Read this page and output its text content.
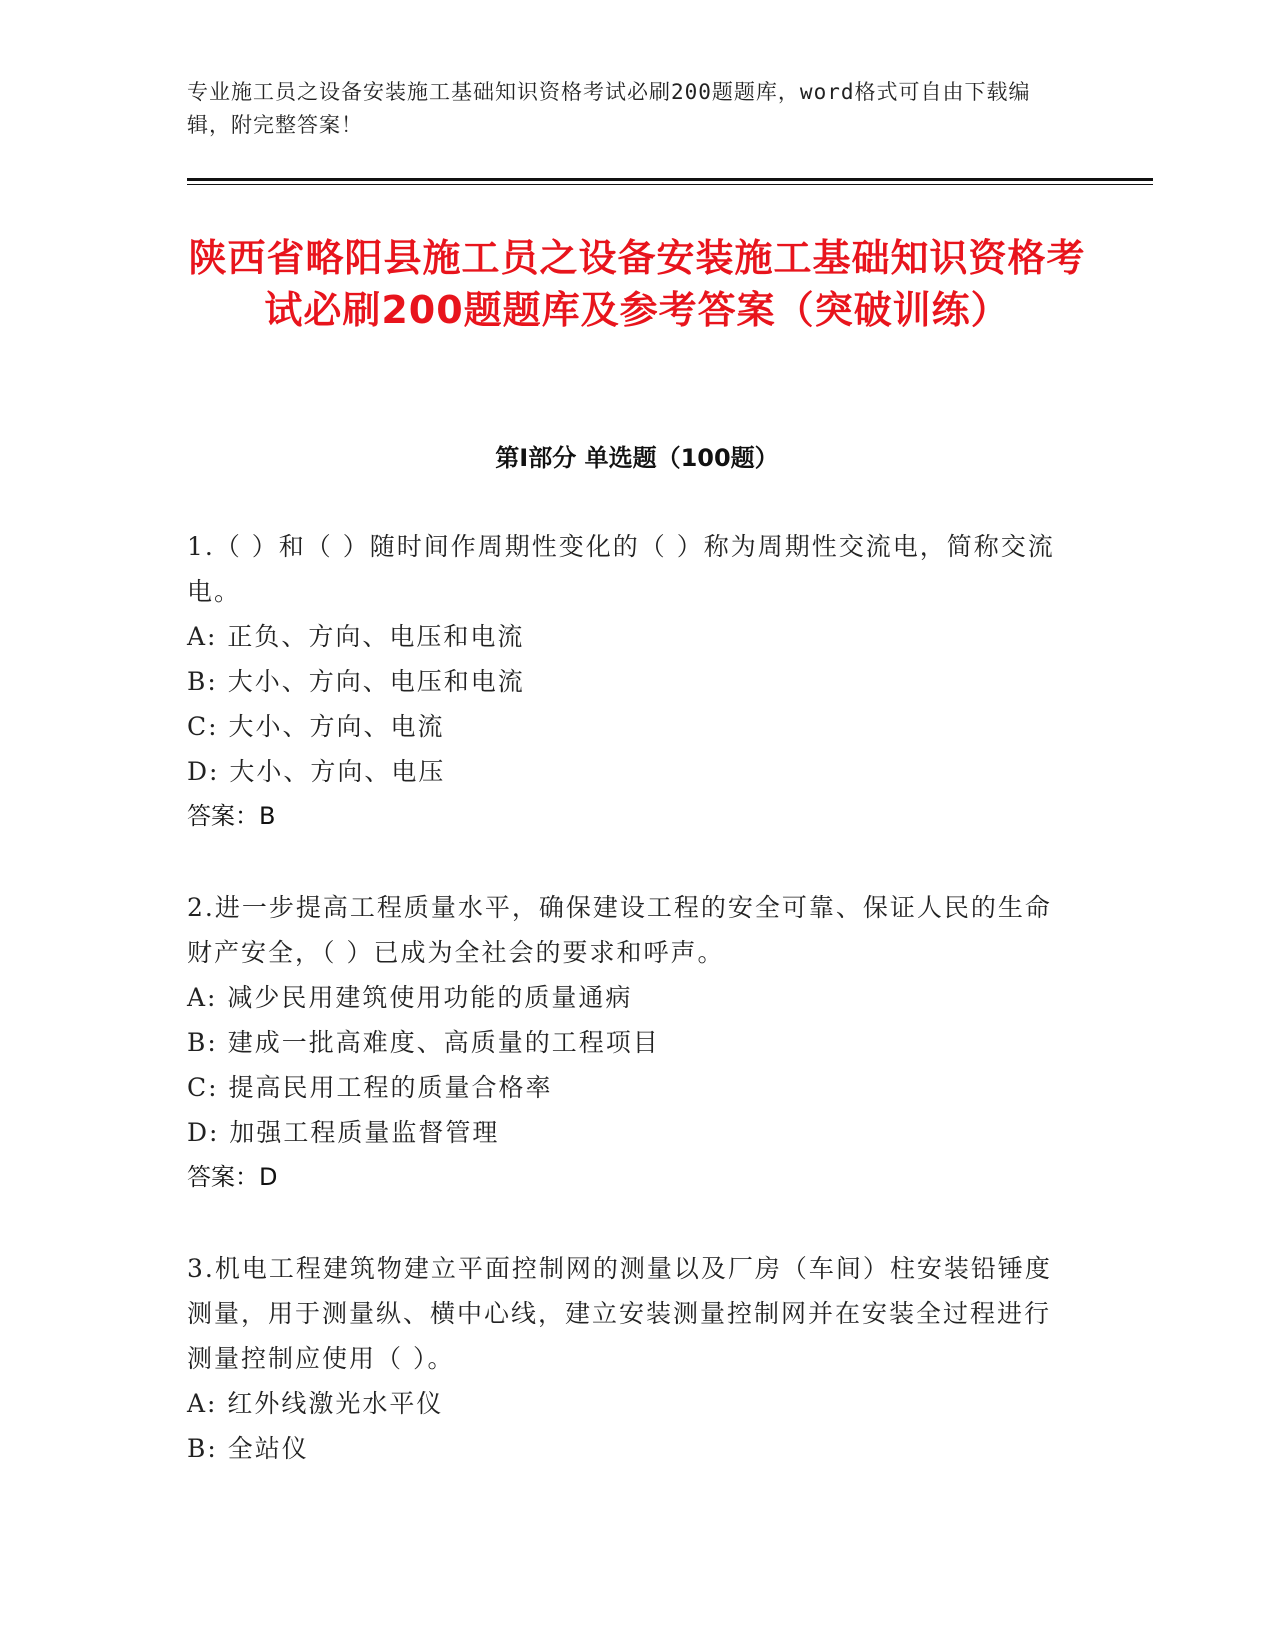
专业施工员之设备安装施工基础知识资格考试必刷200题题库，word格式可自由下载编辑，附完整答案！
陕西省略阳县施工员之设备安装施工基础知识资格考试必刷200题题库及参考答案（突破训练）
第I部分 单选题（100题）
1.（ ）和（ ）随时间作周期性变化的（ ）称为周期性交流电，简称交流电。
A: 正负、方向、电压和电流
B: 大小、方向、电压和电流
C: 大小、方向、电流
D: 大小、方向、电压
答案：B
2.进一步提高工程质量水平，确保建设工程的安全可靠、保证人民的生命财产安全，（ ）已成为全社会的要求和呼声。
A: 减少民用建筑使用功能的质量通病
B: 建成一批高难度、高质量的工程项目
C: 提高民用工程的质量合格率
D: 加强工程质量监督管理
答案：D
3.机电工程建筑物建立平面控制网的测量以及厂房（车间）柱安装铅锤度测量，用于测量纵、横中心线，建立安装测量控制网并在安装全过程进行测量控制应使用（ ）。
A: 红外线激光水平仪
B: 全站仪
